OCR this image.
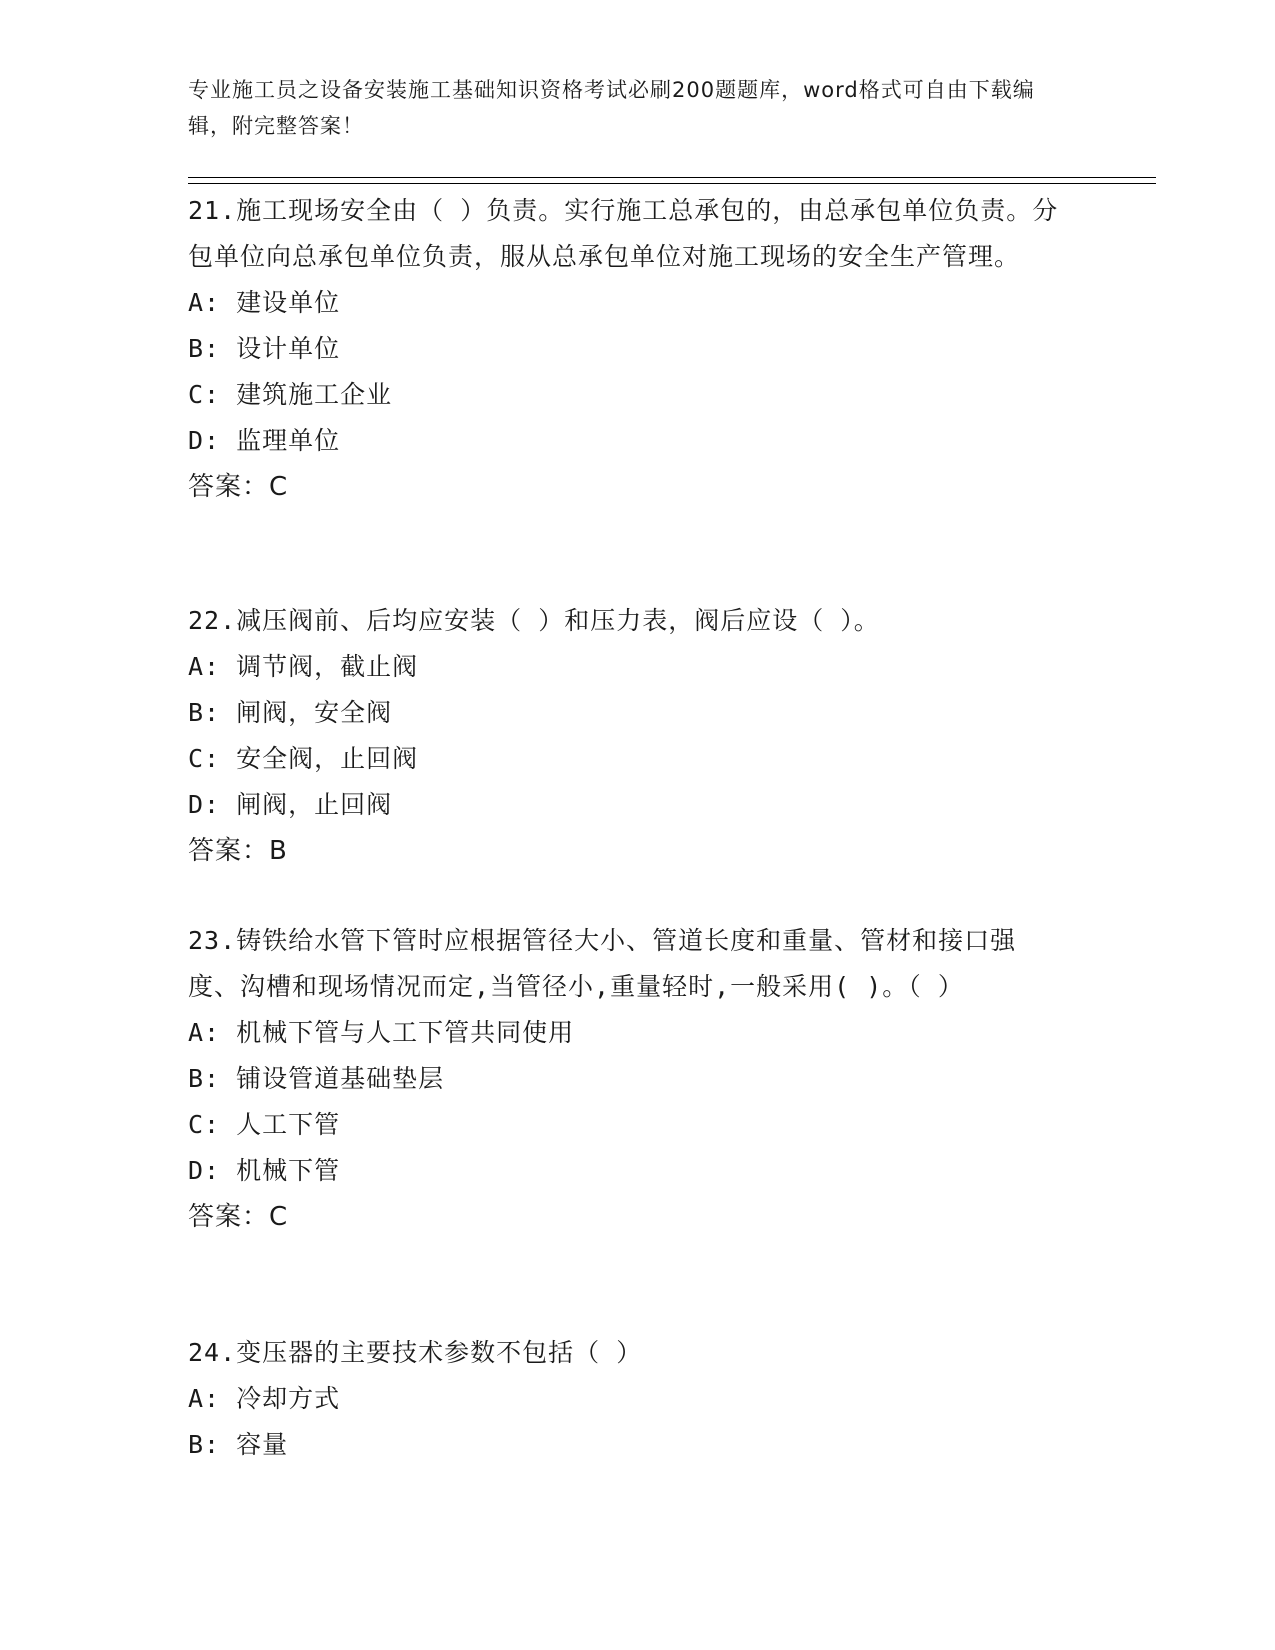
专业施工员之设备安装施工基础知识资格考试必刷200题题库，word格式可自由下载编辑，附完整答案！
21.施工现场安全由（ ）负责。实行施工总承包的，由总承包单位负责。分包单位向总承包单位负责，服从总承包单位对施工现场的安全生产管理。
A: 建设单位
B: 设计单位
C: 建筑施工企业
D: 监理单位
答案：C
22.减压阀前、后均应安装（ ）和压力表，阀后应设（ ）。
A: 调节阀，截止阀
B: 闸阀，安全阀
C: 安全阀，止回阀
D: 闸阀，止回阀
答案：B
23.铸铁给水管下管时应根据管径大小、管道长度和重量、管材和接口强度、沟槽和现场情况而定,当管径小,重量轻时,一般采用( )。（ ）
A: 机械下管与人工下管共同使用
B: 铺设管道基础垫层
C: 人工下管
D: 机械下管
答案：C
24.变压器的主要技术参数不包括（ ）
A: 冷却方式
B: 容量
